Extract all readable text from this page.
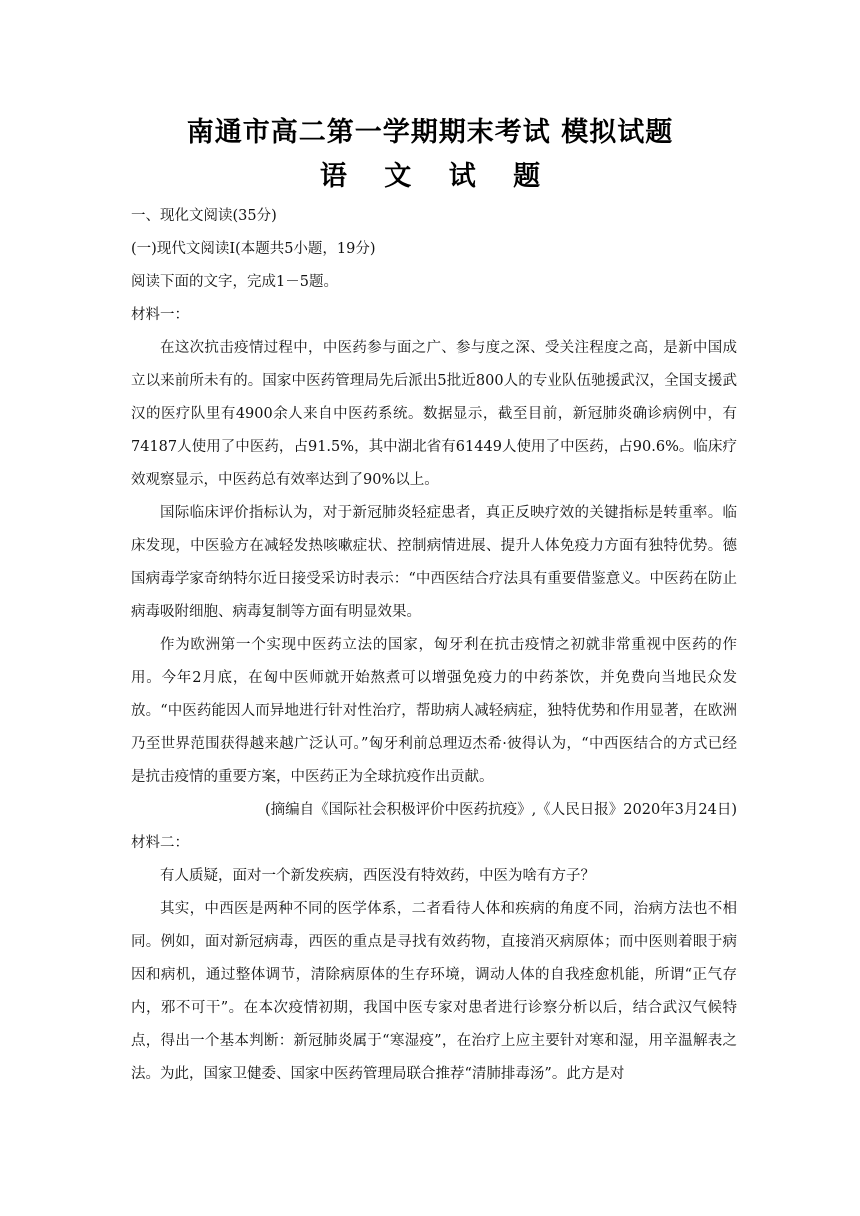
南通市高二第一学期期末考试 模拟试题
语 文 试 题

一、现化文阅读(35分)

(一)现代文阅读Ⅰ(本题共5小题，19分)

阅读下面的文字，完成1－5题。

材料一：

在这次抗击疫情过程中，中医药参与面之广、参与度之深、受关注程度之高，是新中国成立以来前所未有的。国家中医药管理局先后派出5批近800人的专业队伍驰援武汉，全国支援武汉的医疗队里有4900余人来自中医药系统。数据显示，截至目前，新冠肺炎确诊病例中，有74187人使用了中医药，占91.5%，其中湖北省有61449人使用了中医药，占90.6%。临床疗效观察显示，中医药总有效率达到了90%以上。

国际临床评价指标认为，对于新冠肺炎轻症患者，真正反映疗效的关键指标是转重率。临床发现，中医验方在减轻发热咳嗽症状、控制病情进展、提升人体免疫力方面有独特优势。德国病毒学家奇纳特尔近日接受采访时表示：“中西医结合疗法具有重要借鉴意义。中医药在防止病毒吸附细胞、病毒复制等方面有明显效果。

作为欧洲第一个实现中医药立法的国家，匈牙利在抗击疫情之初就非常重视中医药的作用。今年2月底，在匈中医师就开始熬煮可以增强免疫力的中药茶饮，并免费向当地民众发放。“中医药能因人而异地进行针对性治疗，帮助病人减轻病症，独特优势和作用显著，在欧洲乃至世界范围获得越来越广泛认可。”匈牙利前总理迈杰希·彼得认为，“中西医结合的方式已经是抗击疫情的重要方案，中医药正为全球抗疫作出贡献。

(摘编自《国际社会积极评价中医药抗疫》,《人民日报》2020年3月24日)

材料二：

有人质疑，面对一个新发疾病，西医没有特效药，中医为啥有方子？

其实，中西医是两种不同的医学体系，二者看待人体和疾病的角度不同，治病方法也不相同。例如，面对新冠病毒，西医的重点是寻找有效药物，直接消灭病原体；而中医则着眼于病因和病机，通过整体调节，清除病原体的生存环境，调动人体的自我痊愈机能，所谓“正气存内，邪不可干”。在本次疫情初期，我国中医专家对患者进行诊察分析以后，结合武汉气候特点，得出一个基本判断：新冠肺炎属于“寒湿疫”，在治疗上应主要针对寒和湿，用辛温解表之法。为此，国家卫健委、国家中医药管理局联合推荐“清肺排毒汤”。此方是对
